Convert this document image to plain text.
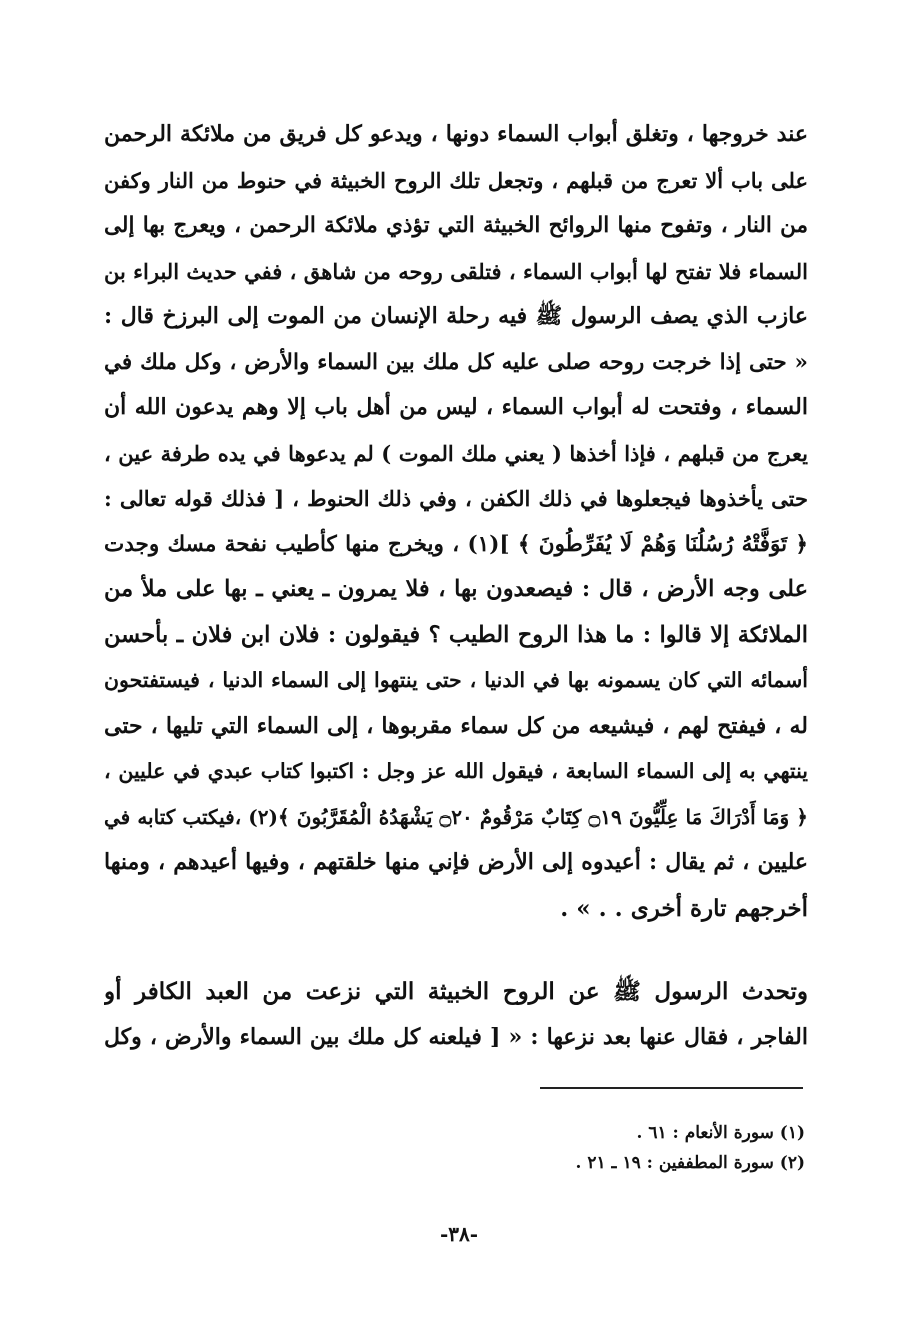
عند خروجها ، وتغلق أبواب السماء دونها ، ويدعو كل فريق من ملائكة الرحمن
على باب ألا تعرج من قبلهم ، وتجعل تلك الروح الخبيثة في حنوط من النار وكفن
من النار ، وتفوح منها الروائح الخبيثة التي تؤذي ملائكة الرحمن ، ويعرج بها إلى
السماء فلا تفتح لها أبواب السماء ، فتلقى روحه من شاهق ، ففي حديث البراء بن
عازب الذي يصف الرسول ﷺ فيه رحلة الإنسان من الموت إلى البرزخ قال :
« حتى إذا خرجت روحه صلى عليه كل ملك بين السماء والأرض ، وكل ملك في
السماء ، وفتحت له أبواب السماء ، ليس من أهل باب إلا وهم يدعون الله أن
يعرج من قبلهم ، فإذا أخذها ( يعني ملك الموت ) لم يدعوها في يده طرفة عين ،
حتى يأخذوها فيجعلوها في ذلك الكفن ، وفي ذلك الحنوط ، [ فذلك قوله تعالى :
﴿ تَوَفَّتْهُ رُسُلُنَا وَهُمْ لَا يُفَرِّطُونَ ﴾ ](١) ، ويخرج منها كأطيب نفحة مسك وجدت
على وجه الأرض ، قال : فيصعدون بها ، فلا يمرون ـ يعني ـ بها على ملأ من
الملائكة إلا قالوا : ما هذا الروح الطيب ؟ فيقولون : فلان ابن فلان ـ بأحسن
أسمائه التي كان يسمونه بها في الدنيا ، حتى ينتهوا إلى السماء الدنيا ، فيستفتحون
له ، فيفتح لهم ، فيشيعه من كل سماء مقربوها ، إلى السماء التي تليها ، حتى
ينتهي به إلى السماء السابعة ، فيقول الله عز وجل : اكتبوا كتاب عبدي في عليين ،
﴿ وَمَا أَدْرَاكَ مَا عِلِّيُّونَ ۝١٩ كِتَابٌ مَرْقُومٌ ۝٢٠ يَشْهَدُهُ الْمُقَرَّبُونَ ﴾(٢) ،فيكتب كتابه في
عليين ، ثم يقال : أعيدوه إلى الأرض فإني منها خلقتهم ، وفيها أعيدهم ، ومنها
أخرجهم تارة أخرى . . » .
وتحدث الرسول ﷺ عن الروح الخبيثة التي نزعت من العبد الكافر أو
الفاجر ، فقال عنها بعد نزعها : « [ فيلعنه كل ملك بين السماء والأرض ، وكل
(١) سورة الأنعام : ٦١ .
(٢) سورة المطففين : ١٩ ـ ٢١ .
-٣٨-
